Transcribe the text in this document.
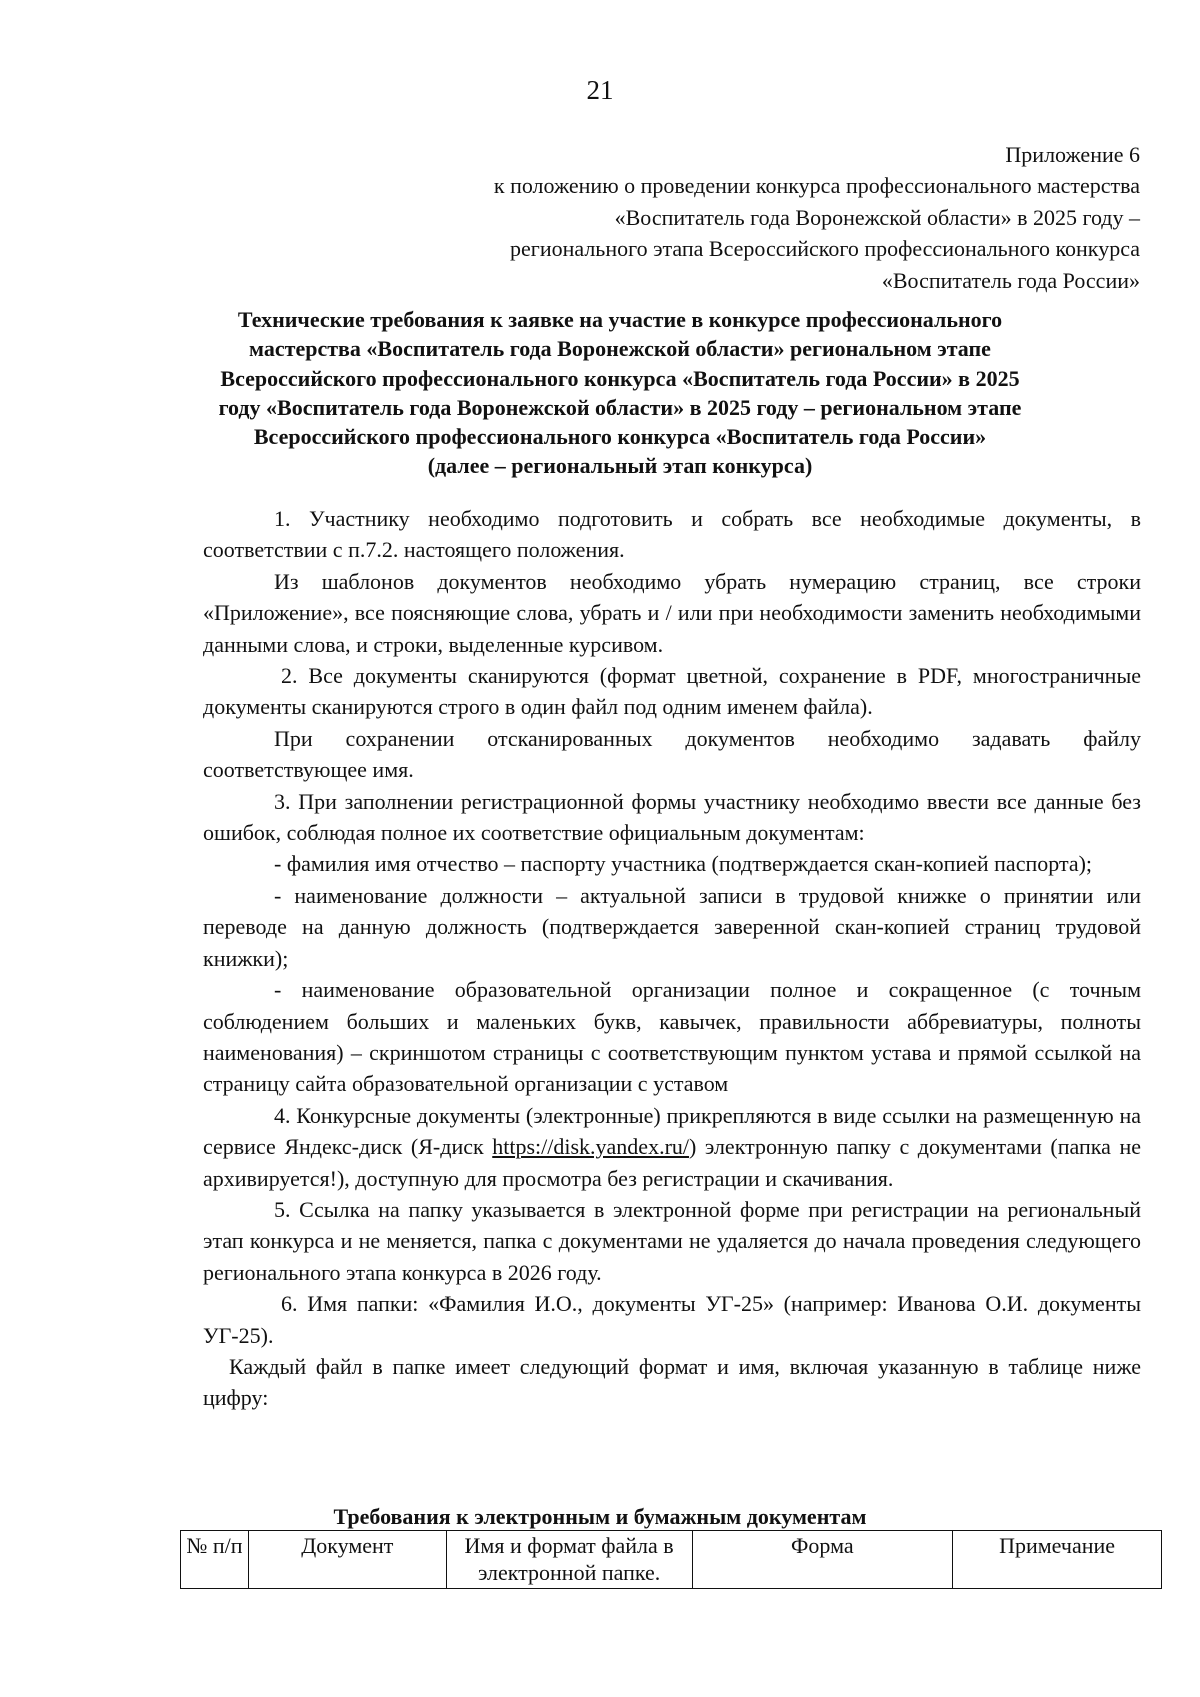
21
Приложение 6
к положению о проведении конкурса профессионального мастерства
«Воспитатель года Воронежской области» в 2025 году –
регионального этапа Всероссийского профессионального конкурса
«Воспитатель года России»
Технические требования к заявке на участие в конкурсе профессионального
мастерства «Воспитатель года Воронежской области» региональном этапе
Всероссийского профессионального конкурса «Воспитатель года России» в 2025
году «Воспитатель года Воронежской области» в 2025 году – региональном этапе
Всероссийского профессионального конкурса «Воспитатель года России»
(далее – региональный этап конкурса)

1. Участнику необходимо подготовить и собрать все необходимые документы, в соответствии с п.7.2. настоящего положения.

Из шаблонов документов необходимо убрать нумерацию страниц, все строки «Приложение», все поясняющие слова, убрать и / или при необходимости заменить необходимыми данными слова, и строки, выделенные курсивом.

2. Все документы сканируются (формат цветной, сохранение в PDF, многостраничные документы сканируются строго в один файл под одним именем файла).

При сохранении отсканированных документов необходимо задавать файлу соответствующее имя.

3. При заполнении регистрационной формы участнику необходимо ввести все данные без ошибок, соблюдая полное их соответствие официальным документам:

- фамилия имя отчество – паспорту участника (подтверждается скан-копией паспорта);

- наименование должности – актуальной записи в трудовой книжке о принятии или переводе на данную должность (подтверждается заверенной скан-копией страниц трудовой книжки);

- наименование образовательной организации полное и сокращенное (с точным соблюдением больших и маленьких букв, кавычек, правильности аббревиатуры, полноты наименования) – скриншотом страницы с соответствующим пунктом устава и прямой ссылкой на страницу сайта образовательной организации с уставом

4. Конкурсные документы (электронные) прикрепляются в виде ссылки на размещенную на сервисе Яндекс-диск (Я-диск https://disk.yandex.ru/) электронную папку с документами (папка не архивируется!), доступную для просмотра без регистрации и скачивания.

5. Ссылка на папку указывается в электронной форме при регистрации на региональный этап конкурса и не меняется, папка с документами не удаляется до начала проведения следующего регионального этапа конкурса в 2026 году.

6. Имя папки: «Фамилия И.О., документы УГ-25» (например: Иванова О.И. документы УГ-25).

Каждый файл в папке имеет следующий формат и имя, включая указанную в таблице ниже цифру:

Требования к электронным и бумажным документам
№ п/п	Документ	Имя и формат файла в электронной папке.	Форма	Примечание
